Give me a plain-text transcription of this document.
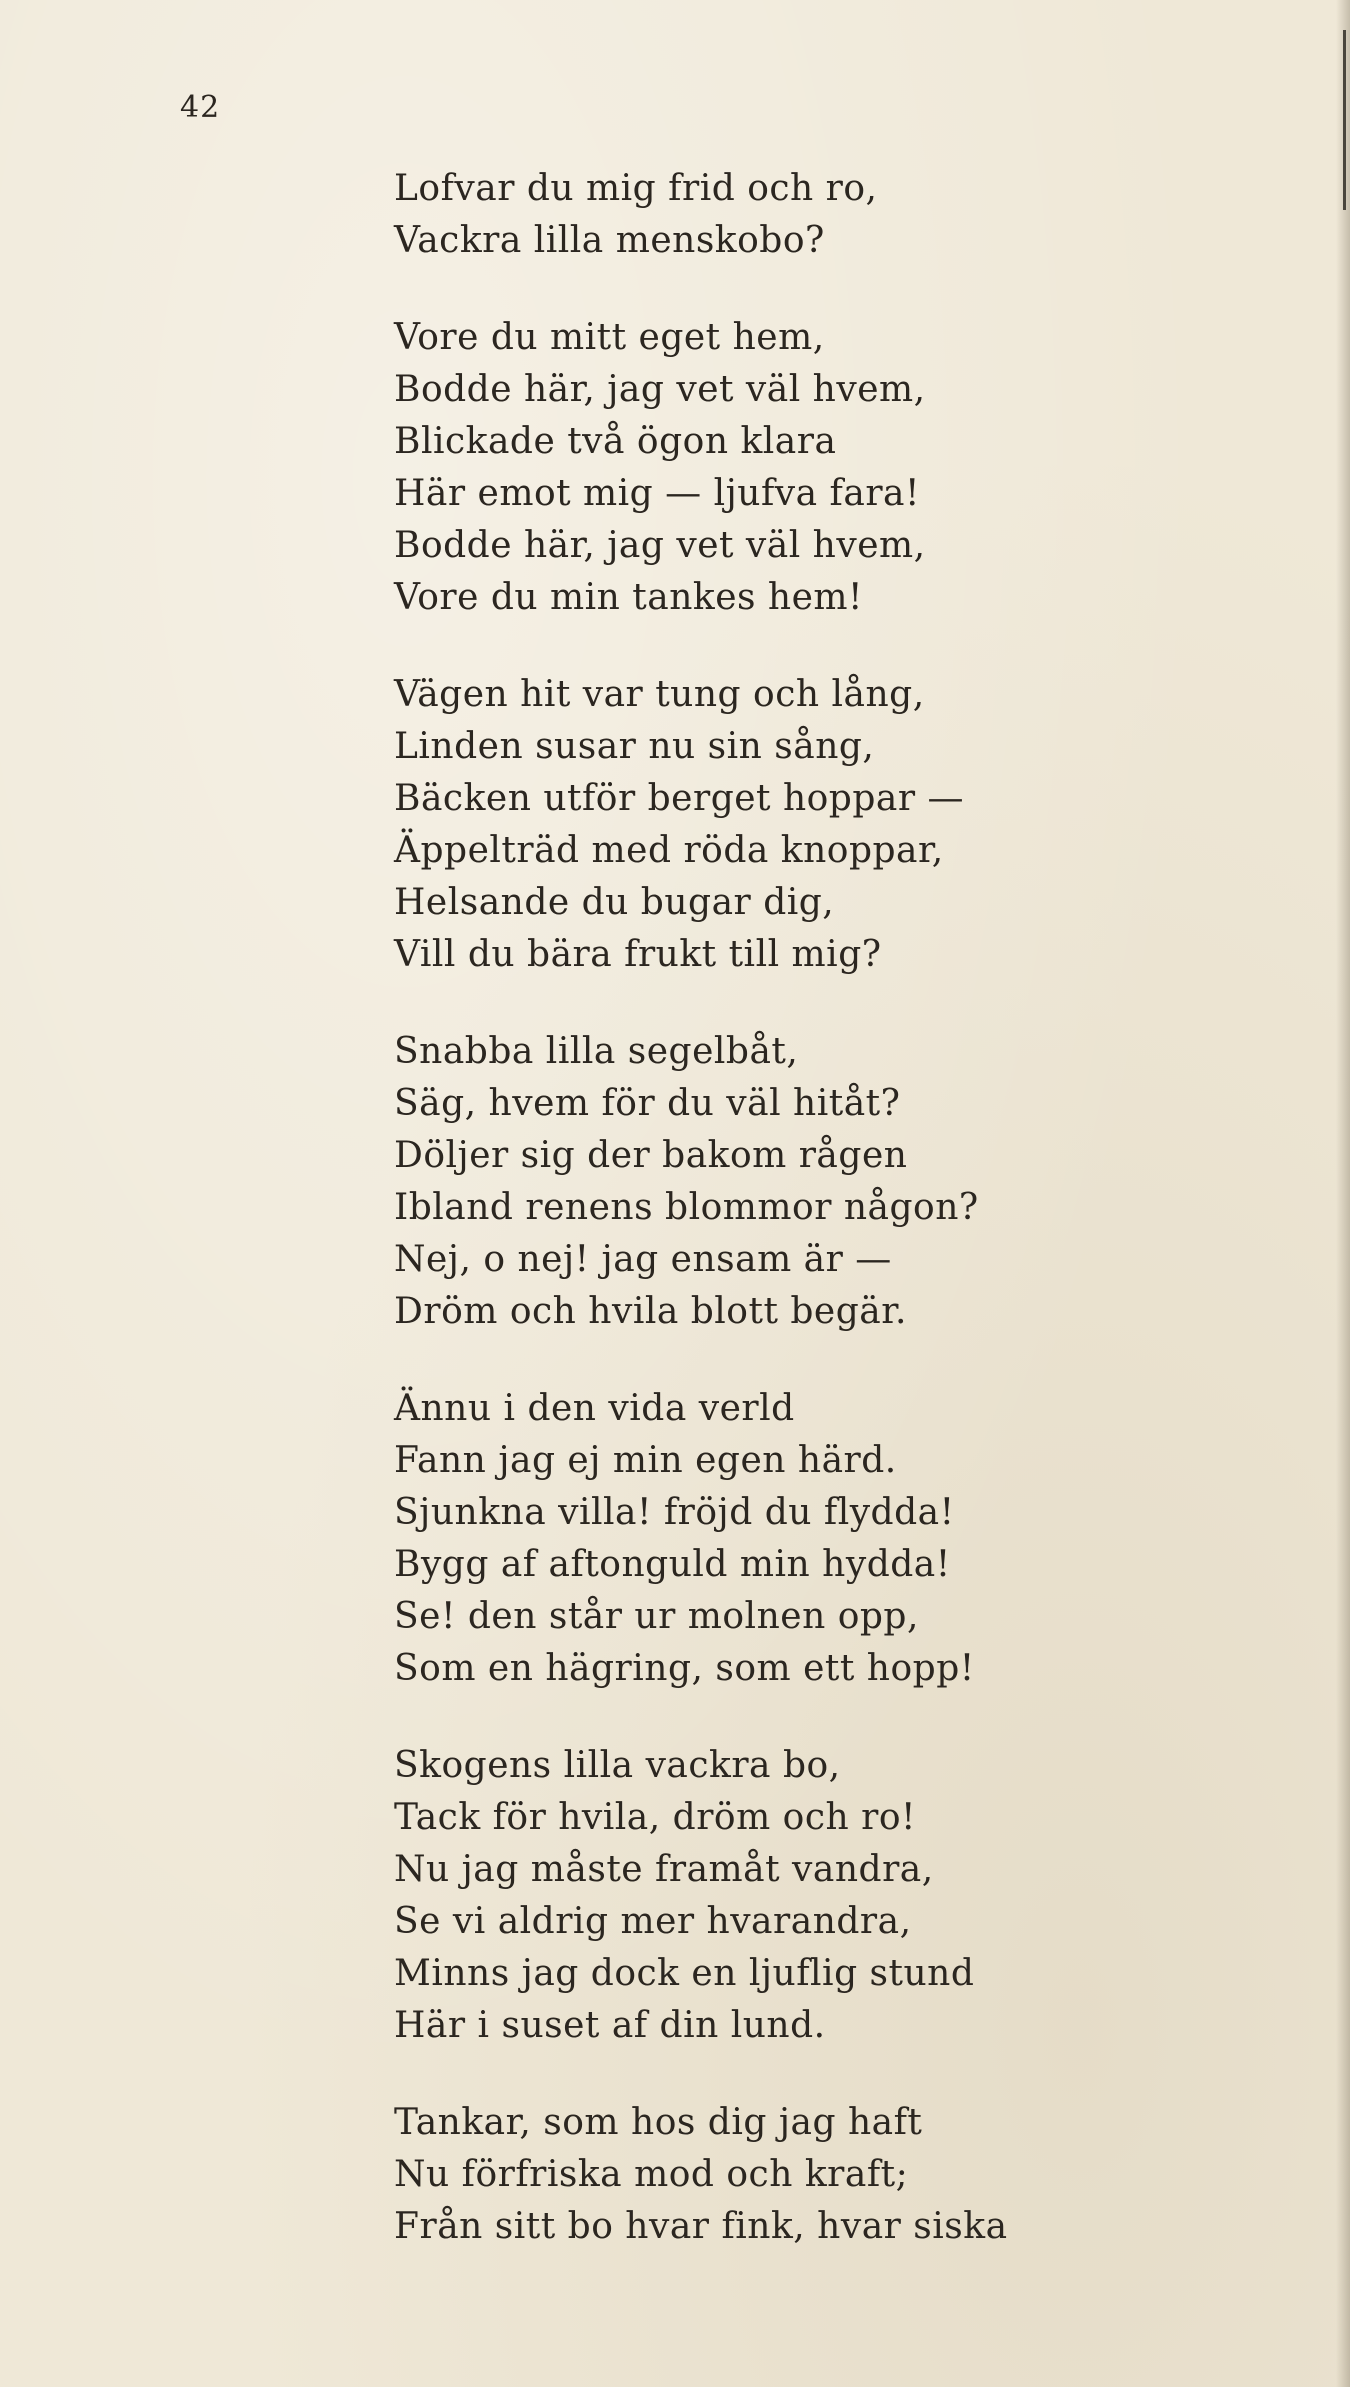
42
Lofvar du mig frid och ro,
Vackra lilla menskobo?
Vore du mitt eget hem,
Bodde här, jag vet väl hvem,
Blickade två ögon klara
Här emot mig — ljufva fara!
Bodde här, jag vet väl hvem,
Vore du min tankes hem!
Vägen hit var tung och lång,
Linden susar nu sin sång,
Bäcken utför berget hoppar —
Äppelträd med röda knoppar,
Helsande du bugar dig,
Vill du bära frukt till mig?
Snabba lilla segelbåt,
Säg, hvem för du väl hitåt?
Döljer sig der bakom rågen
Ibland renens blommor någon?
Nej, o nej! jag ensam är —
Dröm och hvila blott begär.
Ännu i den vida verld
Fann jag ej min egen härd.
Sjunkna villa! fröjd du flydda!
Bygg af aftonguld min hydda!
Se! den står ur molnen opp,
Som en hägring, som ett hopp!
Skogens lilla vackra bo,
Tack för hvila, dröm och ro!
Nu jag måste framåt vandra,
Se vi aldrig mer hvarandra,
Minns jag dock en ljuflig stund
Här i suset af din lund.
Tankar, som hos dig jag haft
Nu förfriska mod och kraft;
Från sitt bo hvar fink, hvar siska
